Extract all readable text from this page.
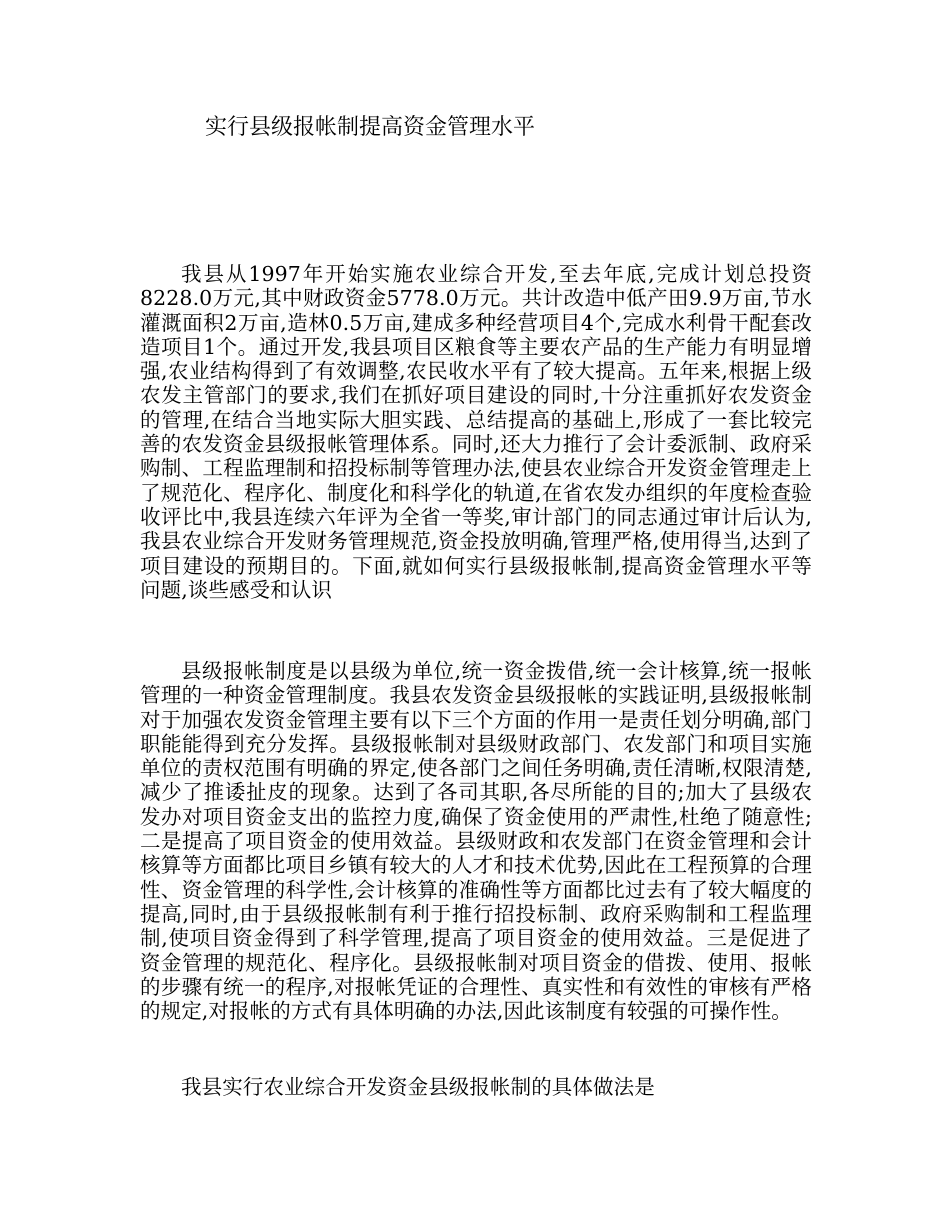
实行县级报帐制提高资金管理水平

我县从1997年开始实施农业综合开发,至去年底,完成计划总投资8228.0万元,其中财政资金5778.0万元。共计改造中低产田9.9万亩,节水灌溉面积2万亩,造林0.5万亩,建成多种经营项目4个,完成水利骨干配套改造项目1个。通过开发,我县项目区粮食等主要农产品的生产能力有明显增强,农业结构得到了有效调整,农民收水平有了较大提高。五年来,根据上级农发主管部门的要求,我们在抓好项目建设的同时,十分注重抓好农发资金的管理,在结合当地实际大胆实践、总结提高的基础上,形成了一套比较完善的农发资金县级报帐管理体系。同时,还大力推行了会计委派制、政府采购制、工程监理制和招投标制等管理办法,使县农业综合开发资金管理走上了规范化、程序化、制度化和科学化的轨道,在省农发办组织的年度检查验收评比中,我县连续六年评为全省一等奖,审计部门的同志通过审计后认为,我县农业综合开发财务管理规范,资金投放明确,管理严格,使用得当,达到了项目建设的预期目的。下面,就如何实行县级报帐制,提高资金管理水平等问题,谈些感受和认识

县级报帐制度是以县级为单位,统一资金拨借,统一会计核算,统一报帐管理的一种资金管理制度。我县农发资金县级报帐的实践证明,县级报帐制对于加强农发资金管理主要有以下三个方面的作用一是责任划分明确,部门职能能得到充分发挥。县级报帐制对县级财政部门、农发部门和项目实施单位的责权范围有明确的界定,使各部门之间任务明确,责任清晰,权限清楚,减少了推诿扯皮的现象。达到了各司其职,各尽所能的目的;加大了县级农发办对项目资金支出的监控力度,确保了资金使用的严肃性,杜绝了随意性;二是提高了项目资金的使用效益。县级财政和农发部门在资金管理和会计核算等方面都比项目乡镇有较大的人才和技术优势,因此在工程预算的合理性、资金管理的科学性,会计核算的准确性等方面都比过去有了较大幅度的提高,同时,由于县级报帐制有利于推行招投标制、政府采购制和工程监理制,使项目资金得到了科学管理,提高了项目资金的使用效益。三是促进了资金管理的规范化、程序化。县级报帐制对项目资金的借拨、使用、报帐的步骤有统一的程序,对报帐凭证的合理性、真实性和有效性的审核有严格的规定,对报帐的方式有具体明确的办法,因此该制度有较强的可操作性。

我县实行农业综合开发资金县级报帐制的具体做法是
